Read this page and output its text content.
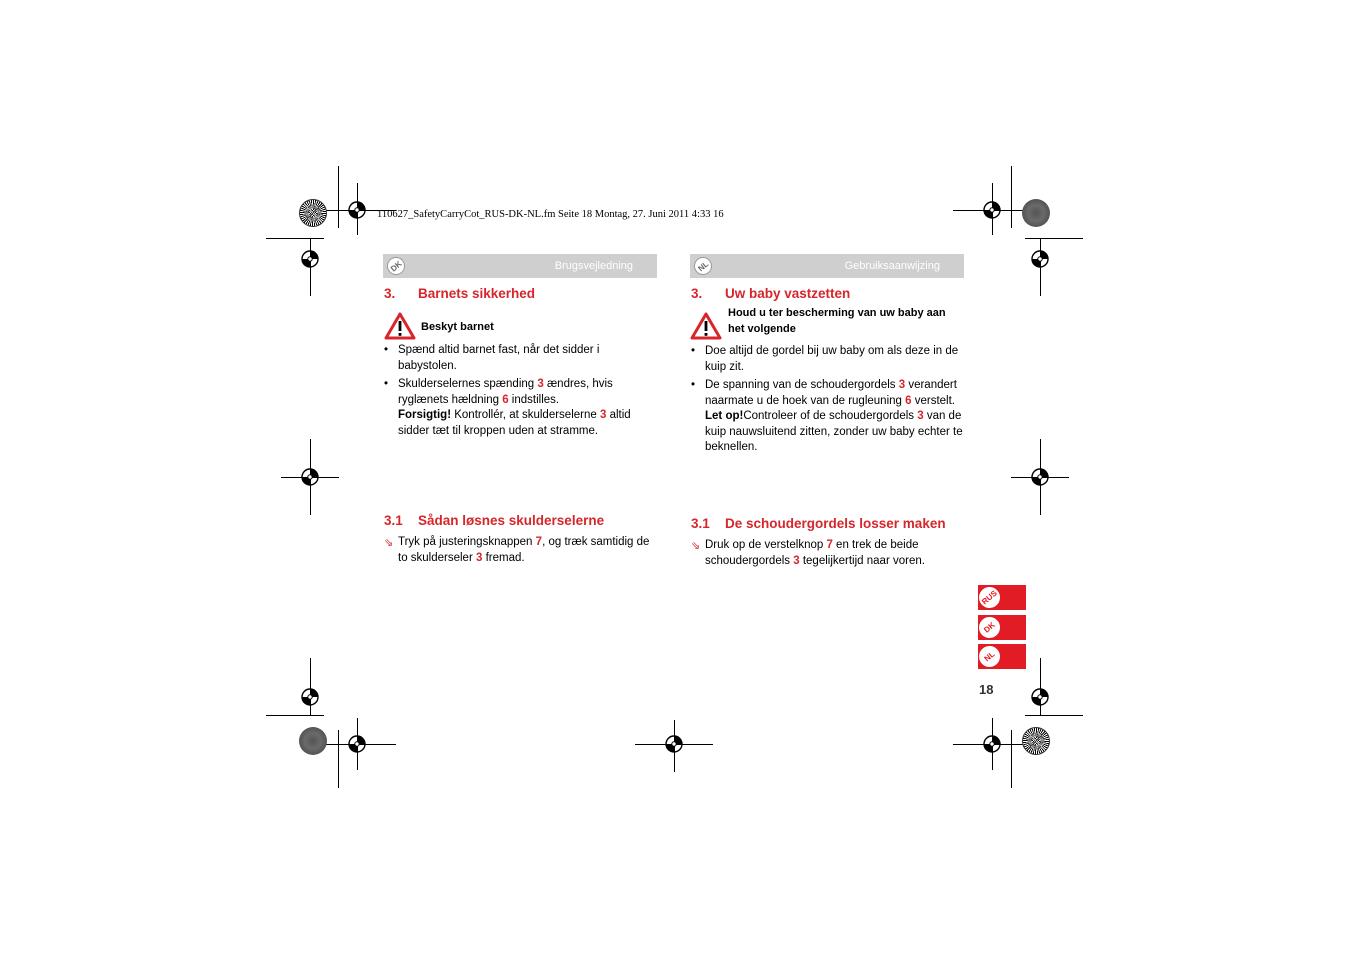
110627_SafetyCarryCot_RUS-DK-NL.fm Seite 18 Montag, 27. Juni 2011 4:33 16
DK	Brugsvejledning
3. Barnets sikkerhed
Beskyt barnet
• Spænd altid barnet fast, når det sidder i babystolen.
• Skulderselernes spænding 3 ændres, hvis ryglænets hældning 6 indstilles.
Forsigtig! Kontrollér, at skulderselerne 3 altid sidder tæt til kroppen uden at stramme.
3.1 Sådan løsnes skulderselerne
⇘ Tryk på justeringsknappen 7, og træk samtidig de to skulderseler 3 fremad.
NL	Gebruiksaanwijzing
3. Uw baby vastzetten
Houd u ter bescherming van uw baby aan het volgende
• Doe altijd de gordel bij uw baby om als deze in de kuip zit.
• De spanning van de schoudergordels 3 verandert naarmate u de hoek van de rugleuning 6 verstelt.
Let op!Controleer of de schoudergordels 3 van de kuip nauwsluitend zitten, zonder uw baby echter te beknellen.
3.1 De schoudergordels losser maken
⇘ Druk op de verstelknop 7 en trek de beide schoudergordels 3 tegelijkertijd naar voren.
RUS
DK
NL
18
